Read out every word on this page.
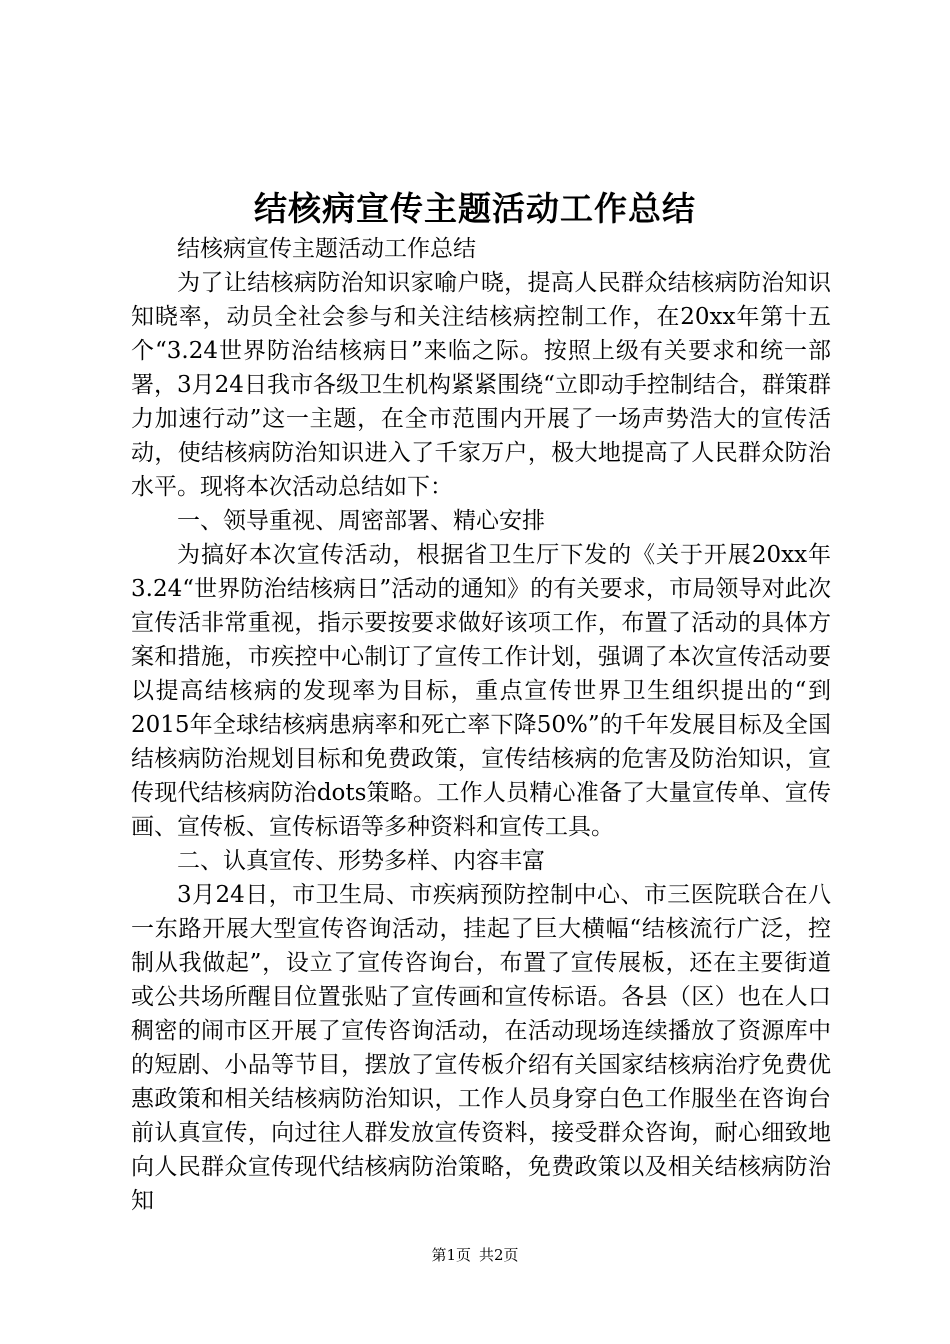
结核病宣传主题活动工作总结

结核病宣传主题活动工作总结

为了让结核病防治知识家喻户晓，提高人民群众结核病防治知识知晓率，动员全社会参与和关注结核病控制工作，在20xx年第十五个“3.24世界防治结核病日”来临之际。按照上级有关要求和统一部署，3月24日我市各级卫生机构紧紧围绕“立即动手控制结合，群策群力加速行动”这一主题，在全市范围内开展了一场声势浩大的宣传活动，使结核病防治知识进入了千家万户，极大地提高了人民群众防治水平。现将本次活动总结如下：

一、领导重视、周密部署、精心安排

为搞好本次宣传活动，根据省卫生厅下发的《关于开展20xx年3.24“世界防治结核病日”活动的通知》的有关要求，市局领导对此次宣传活非常重视，指示要按要求做好该项工作，布置了活动的具体方案和措施，市疾控中心制订了宣传工作计划，强调了本次宣传活动要以提高结核病的发现率为目标，重点宣传世界卫生组织提出的“到2015年全球结核病患病率和死亡率下降50%”的千年发展目标及全国结核病防治规划目标和免费政策，宣传结核病的危害及防治知识，宣传现代结核病防治dots策略。工作人员精心准备了大量宣传单、宣传画、宣传板、宣传标语等多种资料和宣传工具。

二、认真宣传、形势多样、内容丰富

3月24日，市卫生局、市疾病预防控制中心、市三医院联合在八一东路开展大型宣传咨询活动，挂起了巨大横幅“结核流行广泛，控制从我做起”，设立了宣传咨询台，布置了宣传展板，还在主要街道或公共场所醒目位置张贴了宣传画和宣传标语。各县（区）也在人口稠密的闹市区开展了宣传咨询活动，在活动现场连续播放了资源库中的短剧、小品等节目，摆放了宣传板介绍有关国家结核病治疗免费优惠政策和相关结核病防治知识，工作人员身穿白色工作服坐在咨询台前认真宣传，向过往人群发放宣传资料，接受群众咨询，耐心细致地向人民群众宣传现代结核病防治策略，免费政策以及相关结核病防治知

第1页 共2页
